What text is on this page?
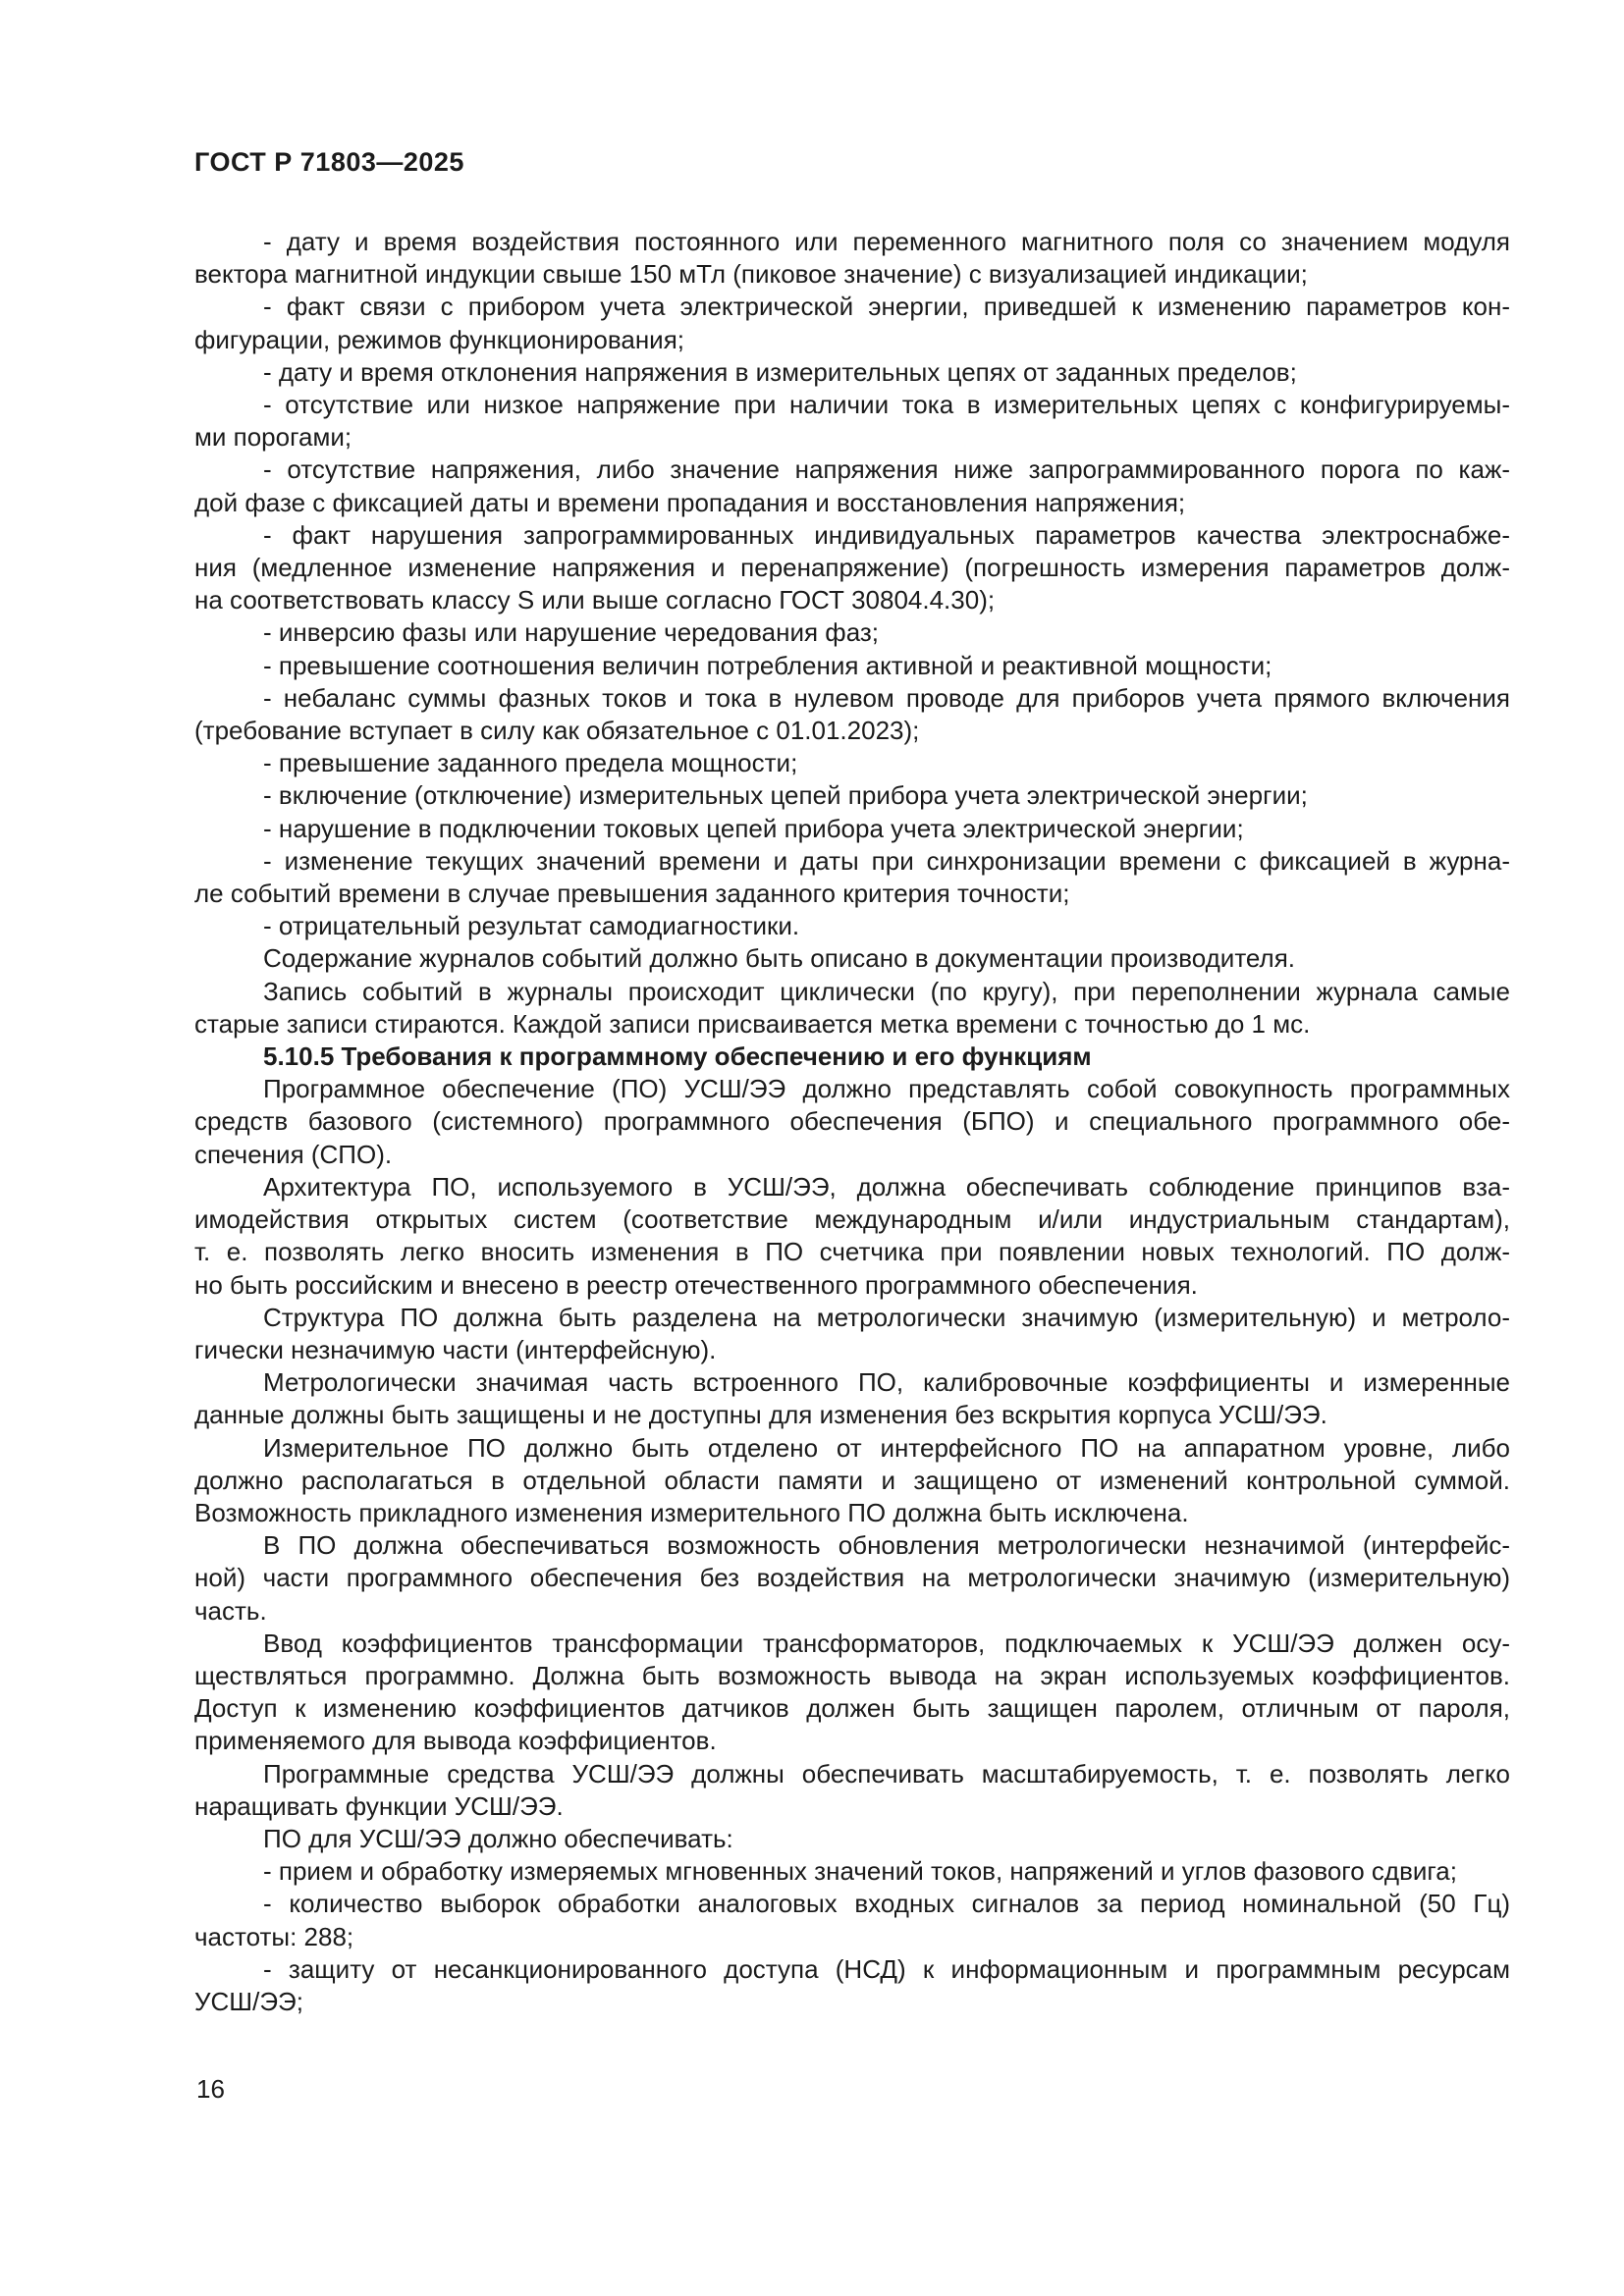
ГОСТ Р 71803—2025

- дату и время воздействия постоянного или переменного магнитного поля со значением модуля
вектора магнитной индукции свыше 150 мТл (пиковое значение) с визуализацией индикации;

- факт связи с прибором учета электрической энергии, приведшей к изменению параметров кон-
фигурации, режимов функционирования;

- дату и время отклонения напряжения в измерительных цепях от заданных пределов;

- отсутствие или низкое напряжение при наличии тока в измерительных цепях с конфигурируемы-
ми порогами;

- отсутствие напряжения, либо значение напряжения ниже запрограммированного порога по каж-
дой фазе с фиксацией даты и времени пропадания и восстановления напряжения;

- факт нарушения запрограммированных индивидуальных параметров качества электроснабже-
ния (медленное изменение напряжения и перенапряжение) (погрешность измерения параметров долж-
на соответствовать классу S или выше согласно ГОСТ 30804.4.30);

- инверсию фазы или нарушение чередования фаз;

- превышение соотношения величин потребления активной и реактивной мощности;

- небаланс суммы фазных токов и тока в нулевом проводе для приборов учета прямого включения
(требование вступает в силу как обязательное с 01.01.2023);

- превышение заданного предела мощности;

- включение (отключение) измерительных цепей прибора учета электрической энергии;

- нарушение в подключении токовых цепей прибора учета электрической энергии;

- изменение текущих значений времени и даты при синхронизации времени с фиксацией в журна-
ле событий времени в случае превышения заданного критерия точности;

- отрицательный результат самодиагностики.

Содержание журналов событий должно быть описано в документации производителя.

Запись событий в журналы происходит циклически (по кругу), при переполнении журнала самые
старые записи стираются. Каждой записи присваивается метка времени с точностью до 1 мс.

5.10.5 Требования к программному обеспечению и его функциям

Программное обеспечение (ПО) УСШ/ЭЭ должно представлять собой совокупность программных
средств базового (системного) программного обеспечения (БПО) и специального программного обе-
спечения (СПО).

Архитектура ПО, используемого в УСШ/ЭЭ, должна обеспечивать соблюдение принципов вза-
имодействия открытых систем (соответствие международным и/или индустриальным стандартам),
т. е. позволять легко вносить изменения в ПО счетчика при появлении новых технологий. ПО долж-
но быть российским и внесено в реестр отечественного программного обеспечения.

Структура ПО должна быть разделена на метрологически значимую (измерительную) и метроло-
гически незначимую части (интерфейсную).

Метрологически значимая часть встроенного ПО, калибровочные коэффициенты и измеренные
данные должны быть защищены и не доступны для изменения без вскрытия корпуса УСШ/ЭЭ.

Измерительное ПО должно быть отделено от интерфейсного ПО на аппаратном уровне, либо
должно располагаться в отдельной области памяти и защищено от изменений контрольной суммой.
Возможность прикладного изменения измерительного ПО должна быть исключена.

В ПО должна обеспечиваться возможность обновления метрологически незначимой (интерфейс-
ной) части программного обеспечения без воздействия на метрологически значимую (измерительную)
часть.

Ввод коэффициентов трансформации трансформаторов, подключаемых к УСШ/ЭЭ должен осу-
ществляться программно. Должна быть возможность вывода на экран используемых коэффициентов.
Доступ к изменению коэффициентов датчиков должен быть защищен паролем, отличным от пароля,
применяемого для вывода коэффициентов.

Программные средства УСШ/ЭЭ должны обеспечивать масштабируемость, т. е. позволять легко
наращивать функции УСШ/ЭЭ.

ПО для УСШ/ЭЭ должно обеспечивать:

- прием и обработку измеряемых мгновенных значений токов, напряжений и углов фазового сдвига;

- количество выборок обработки аналоговых входных сигналов за период номинальной (50 Гц)
частоты: 288;

- защиту от несанкционированного доступа (НСД) к информационным и программным ресурсам
УСШ/ЭЭ;

16
